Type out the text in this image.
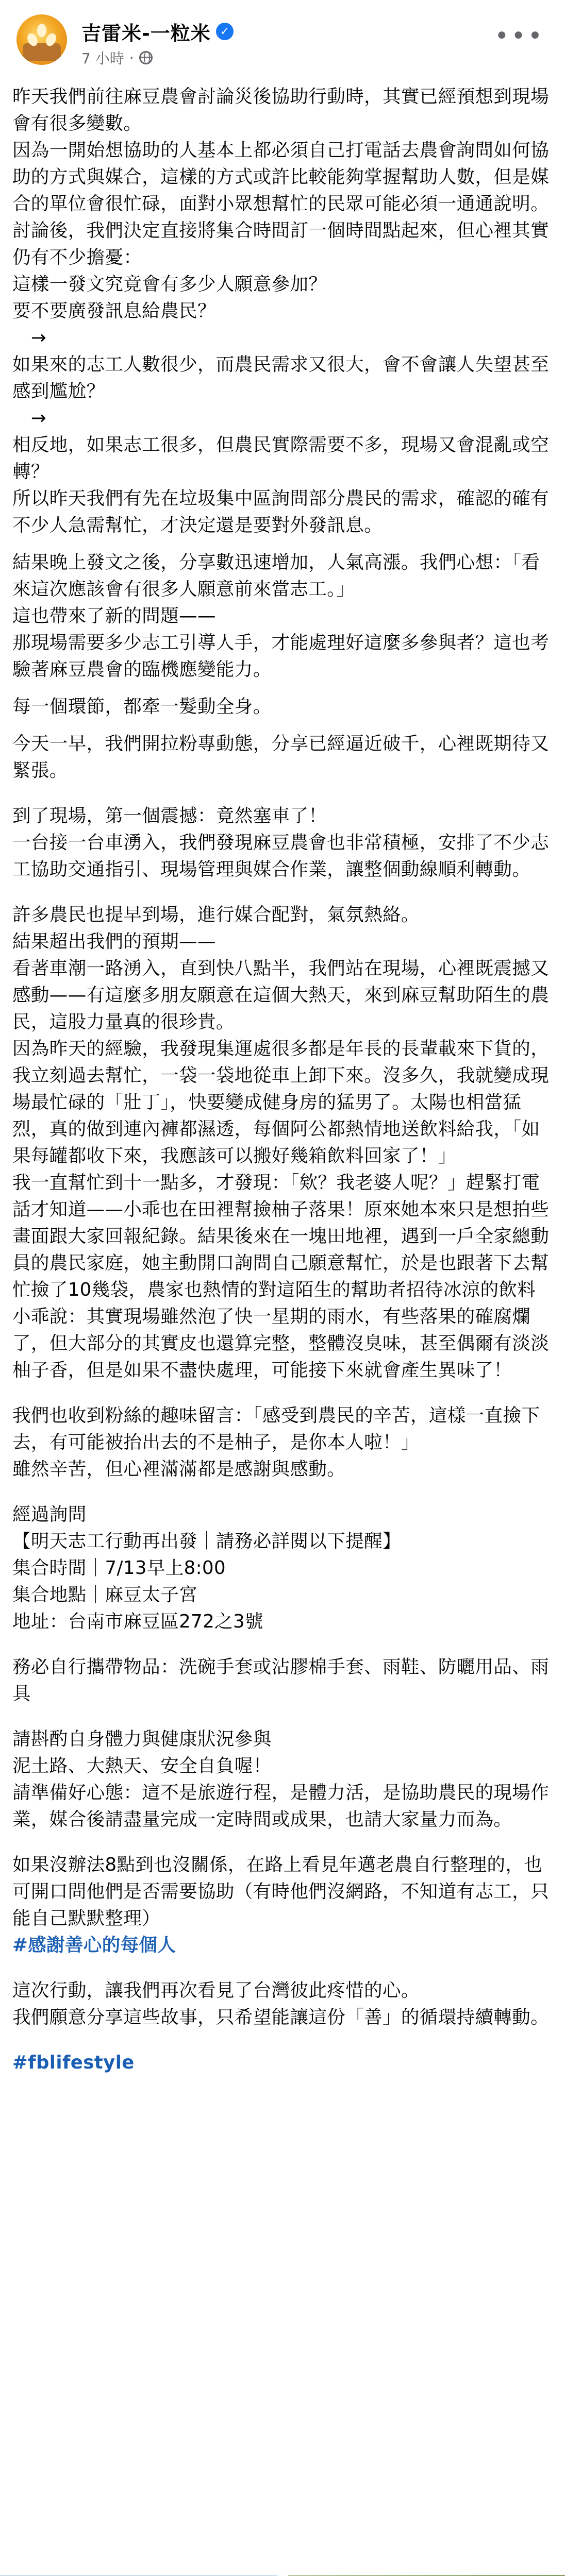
吉雷米-一粒米 ✓
7 小時 ·
•••

昨天我們前往麻豆農會討論災後協助行動時，其實已經預想到現場會有很多變數。

因為一開始想協助的人基本上都必須自己打電話去農會詢問如何協助的方式與媒合，這樣的方式或許比較能夠掌握幫助人數，但是媒合的單位會很忙碌，面對小眾想幫忙的民眾可能必須一通通說明。

討論後，我們決定直接將集合時間訂一個時間點起來，但心裡其實仍有不少擔憂：

這樣一發文究竟會有多少人願意參加？

要不要廣發訊息給農民？

　→

如果來的志工人數很少，而農民需求又很大，會不會讓人失望甚至感到尷尬？

　→

相反地，如果志工很多，但農民實際需要不多，現場又會混亂或空轉？

所以昨天我們有先在垃圾集中區詢問部分農民的需求，確認的確有不少人急需幫忙，才決定還是要對外發訊息。

結果晚上發文之後，分享數迅速增加，人氣高漲。我們心想：「看來這次應該會有很多人願意前來當志工。」

這也帶來了新的問題——

那現場需要多少志工引導人手，才能處理好這麼多參與者？這也考驗著麻豆農會的臨機應變能力。

每一個環節，都牽一髮動全身。

今天一早，我們開拉粉專動態，分享已經逼近破千，心裡既期待又緊張。

到了現場，第一個震撼：竟然塞車了！

一台接一台車湧入，我們發現麻豆農會也非常積極，安排了不少志工協助交通指引、現場管理與媒合作業，讓整個動線順利轉動。

許多農民也提早到場，進行媒合配對，氣氛熱絡。

結果超出我們的預期——

看著車潮一路湧入，直到快八點半，我們站在現場，心裡既震撼又感動——有這麼多朋友願意在這個大熱天，來到麻豆幫助陌生的農民，這股力量真的很珍貴。

因為昨天的經驗，我發現集運處很多都是年長的長輩載來下貨的，我立刻過去幫忙，一袋一袋地從車上卸下來。沒多久，我就變成現場最忙碌的「壯丁」，快要變成健身房的猛男了。太陽也相當猛烈，真的做到連內褲都濕透，每個阿公都熱情地送飲料給我，「如果每罐都收下來，我應該可以搬好幾箱飲料回家了！」

我一直幫忙到十一點多，才發現：「欸？我老婆人呢？」趕緊打電話才知道——小乖也在田裡幫撿柚子落果！原來她本來只是想拍些畫面跟大家回報紀錄。結果後來在一塊田地裡，遇到一戶全家總動員的農民家庭，她主動開口詢問自己願意幫忙，於是也跟著下去幫忙撿了10幾袋，農家也熱情的對這陌生的幫助者招待冰涼的飲料

小乖說：其實現場雖然泡了快一星期的雨水，有些落果的確腐爛了，但大部分的其實皮也還算完整，整體沒臭味，甚至偶爾有淡淡柚子香，但是如果不盡快處理，可能接下來就會產生異味了！

我們也收到粉絲的趣味留言：「感受到農民的辛苦，這樣一直撿下去，有可能被抬出去的不是柚子，是你本人啦！」

雖然辛苦，但心裡滿滿都是感謝與感動。

經過詢問

【明天志工行動再出發｜請務必詳閱以下提醒】

集合時間｜7/13早上8:00

集合地點｜麻豆太子宮

地址：台南市麻豆區272之3號

務必自行攜帶物品：洗碗手套或沾膠棉手套、雨鞋、防曬用品、雨具

請斟酌自身體力與健康狀況參與

泥土路、大熱天、安全自負喔！

請準備好心態：這不是旅遊行程，是體力活，是協助農民的現場作業，媒合後請盡量完成一定時間或成果，也請大家量力而為。

如果沒辦法8點到也沒關係，在路上看見年邁老農自行整理的，也可開口問他們是否需要協助（有時他們沒網路，不知道有志工，只能自己默默整理）

#感謝善心的每個人

這次行動，讓我們再次看見了台灣彼此疼惜的心。

我們願意分享這些故事，只希望能讓這份「善」的循環持續轉動。

#fblifestyle
